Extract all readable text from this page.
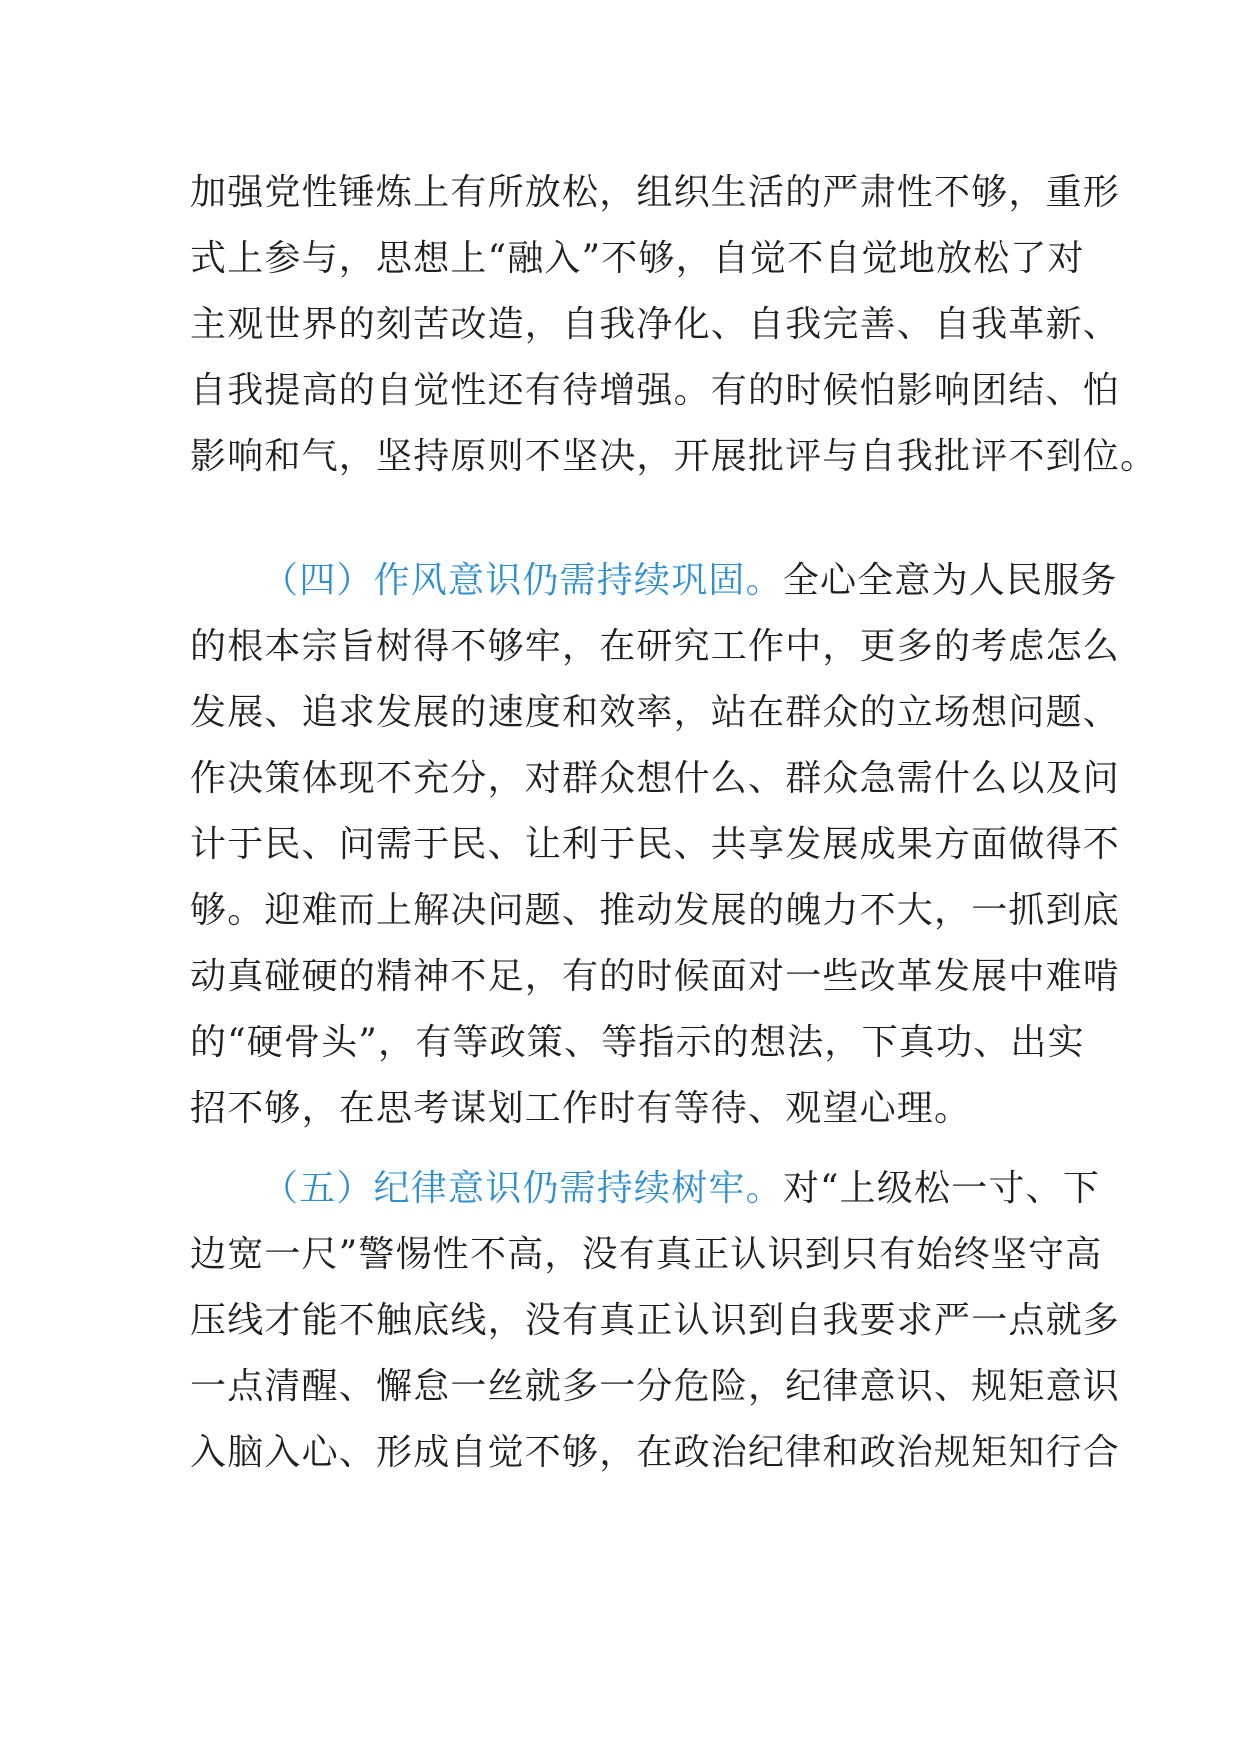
加强党性锤炼上有所放松，组织生活的严肃性不够，重形
式上参与，思想上“融入”不够，自觉不自觉地放松了对
主观世界的刻苦改造，自我净化、自我完善、自我革新、
自我提高的自觉性还有待增强。有的时候怕影响团结、怕
影响和气，坚持原则不坚决，开展批评与自我批评不到位。
（四）作风意识仍需持续巩固。全心全意为人民服务
的根本宗旨树得不够牢，在研究工作中，更多的考虑怎么
发展、追求发展的速度和效率，站在群众的立场想问题、
作决策体现不充分，对群众想什么、群众急需什么以及问
计于民、问需于民、让利于民、共享发展成果方面做得不
够。迎难而上解决问题、推动发展的魄力不大，一抓到底
动真碰硬的精神不足，有的时候面对一些改革发展中难啃
的“硬骨头”，有等政策、等指示的想法，下真功、出实
招不够，在思考谋划工作时有等待、观望心理。
（五）纪律意识仍需持续树牢。对“上级松一寸、下
边宽一尺”警惕性不高，没有真正认识到只有始终坚守高
压线才能不触底线，没有真正认识到自我要求严一点就多
一点清醒、懈怠一丝就多一分危险，纪律意识、规矩意识
入脑入心、形成自觉不够，在政治纪律和政治规矩知行合
